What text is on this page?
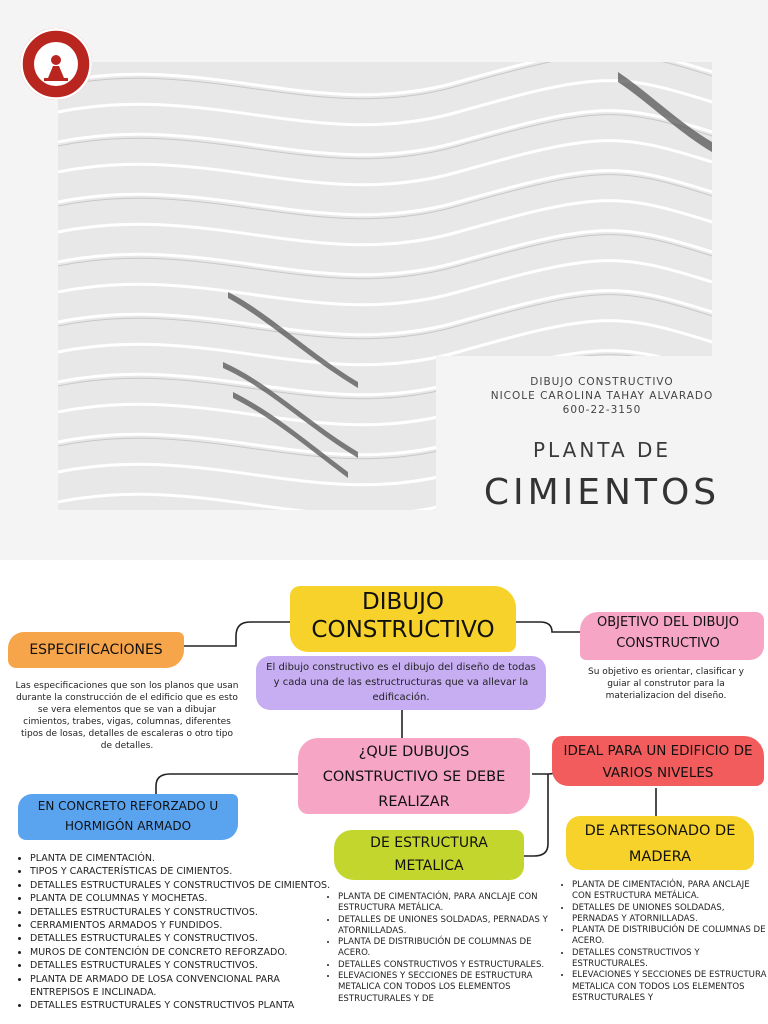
DIBUJO CONSTRUCTIVO
NICOLE CAROLINA TAHAY ALVARADO
600-22-3150
PLANTA DE
CIMIENTOS
DIBUJO CONSTRUCTIVO
El dibujo constructivo es el dibujo del diseño de todas y cada una de las estructructuras que va allevar la edificación.
ESPECIFICACIONES
Las especificaciones que son los planos que usan durante la construcción de el edificio que es esto se vera elementos que se van a dibujar cimientos, trabes, vigas, columnas, diferentes tipos de losas, detalles de escaleras o otro tipo de detalles.
OBJETIVO DEL DIBUJO CONSTRUCTIVO
Su objetivo es orientar, clasificar y guiar al construtor para la materializacion del diseño.
¿QUE DUBUJOS CONSTRUCTIVO SE DEBE REALIZAR
IDEAL PARA UN EDIFICIO DE VARIOS NIVELES
EN CONCRETO REFORZADO U HORMIGÓN ARMADO
• PLANTA DE CIMENTACIÓN.
• TIPOS Y CARACTERÍSTICAS DE CIMIENTOS.
• DETALLES ESTRUCTURALES Y CONSTRUCTIVOS DE CIMIENTOS.
• PLANTA DE COLUMNAS Y MOCHETAS.
• DETALLES ESTRUCTURALES Y CONSTRUCTIVOS.
• CERRAMIENTOS ARMADOS Y FUNDIDOS.
• DETALLES ESTRUCTURALES Y CONSTRUCTIVOS.
• MUROS DE CONTENCIÓN DE CONCRETO REFORZADO.
• DETALLES ESTRUCTURALES Y CONSTRUCTIVOS.
• PLANTA DE ARMADO DE LOSA CONVENCIONAL PARA ENTREPISOS E INCLINADA.
• DETALLES ESTRUCTURALES Y CONSTRUCTIVOS PLANTA
DE ESTRUCTURA METALICA
• PLANTA DE CIMENTACIÓN, PARA ANCLAJE CON ESTRUCTURA METÁLICA.
• DETALLES DE UNIONES SOLDADAS, PERNADAS Y ATORNILLADAS.
• PLANTA DE DISTRIBUCIÓN DE COLUMNAS DE ACERO.
• DETALLES CONSTRUCTIVOS Y ESTRUCTURALES.
• ELEVACIONES Y SECCIONES DE ESTRUCTURA METALICA CON TODOS LOS ELEMENTOS ESTRUCTURALES Y DE
DE ARTESONADO DE MADERA
• PLANTA DE CIMENTACIÓN, PARA ANCLAJE CON ESTRUCTURA METÁLICA.
• DETALLES DE UNIONES SOLDADAS, PERNADAS Y ATORNILLADAS.
• PLANTA DE DISTRIBUCIÓN DE COLUMNAS DE ACERO.
• DETALLES CONSTRUCTIVOS Y ESTRUCTURALES.
• ELEVACIONES Y SECCIONES DE ESTRUCTURA METALICA CON TODOS LOS ELEMENTOS ESTRUCTURALES Y
